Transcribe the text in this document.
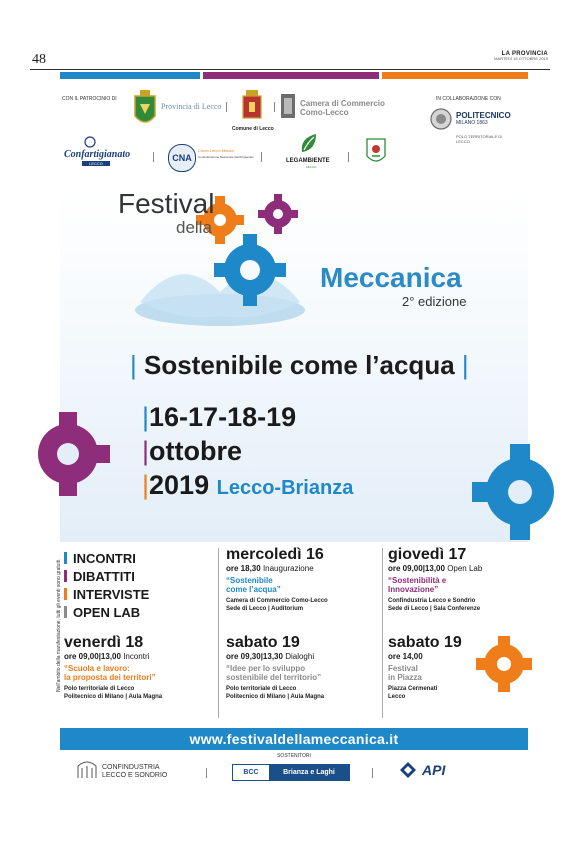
48	LA PROVINCIA
MARTEDÌ 15 OTTOBRE 2019
CON IL PATROCINIO DI	IN COLLABORAZIONE CON
Provincia di Lecco
Comune di Lecco
Camera di Commercio
Como-Lecco	POLITECNICO
MILANO 1863
POLO TERRITORIALE DI LECCO
Confartigianato
LECCO
CNA
Como Lecco Monza
Confederazione Nazionale dell'Artigianato
LEGAMBIENTE
LECCO
Festival
della
Meccanica
2° edizione
| Sostenibile come l’acqua |
|16-17-18-19
|ottobre
|2019 Lecco-Brianza
Nell'ambito della manifestazione, tutti gli eventi sono gratuiti. INCONTRI
DIBATTITI
INTERVISTE
OPEN LAB
mercoledì 16
ore 18,30 Inaugurazione
“Sostenibile
come l’acqua”
Camera di Commercio Como-Lecco
Sede di Lecco | Auditorium
giovedì 17
ore 09,00|13,00 Open Lab
“Sostenibilità e
Innovazione”
Confindustria Lecco e Sondrio
Sede di Lecco | Sala Conferenze
venerdì 18
ore 09,00|13,00 Incontri
“Scuola e lavoro:
la proposta dei territori”
Polo territoriale di Lecco
Politecnico di Milano | Aula Magna
sabato 19
ore 09,30|13,30 Dialoghi
“Idee per lo sviluppo
sostenibile del territorio”
Polo territoriale di Lecco
Politecnico di Milano | Aula Magna
sabato 19
ore 14,00
Festival
in Piazza
Piazza Cermenati
Lecco
www.festivaldellameccanica.it
SOSTENITORI
CONFINDUSTRIA
LECCO E SONDRIO	BCC	Brianza e Laghi	API
